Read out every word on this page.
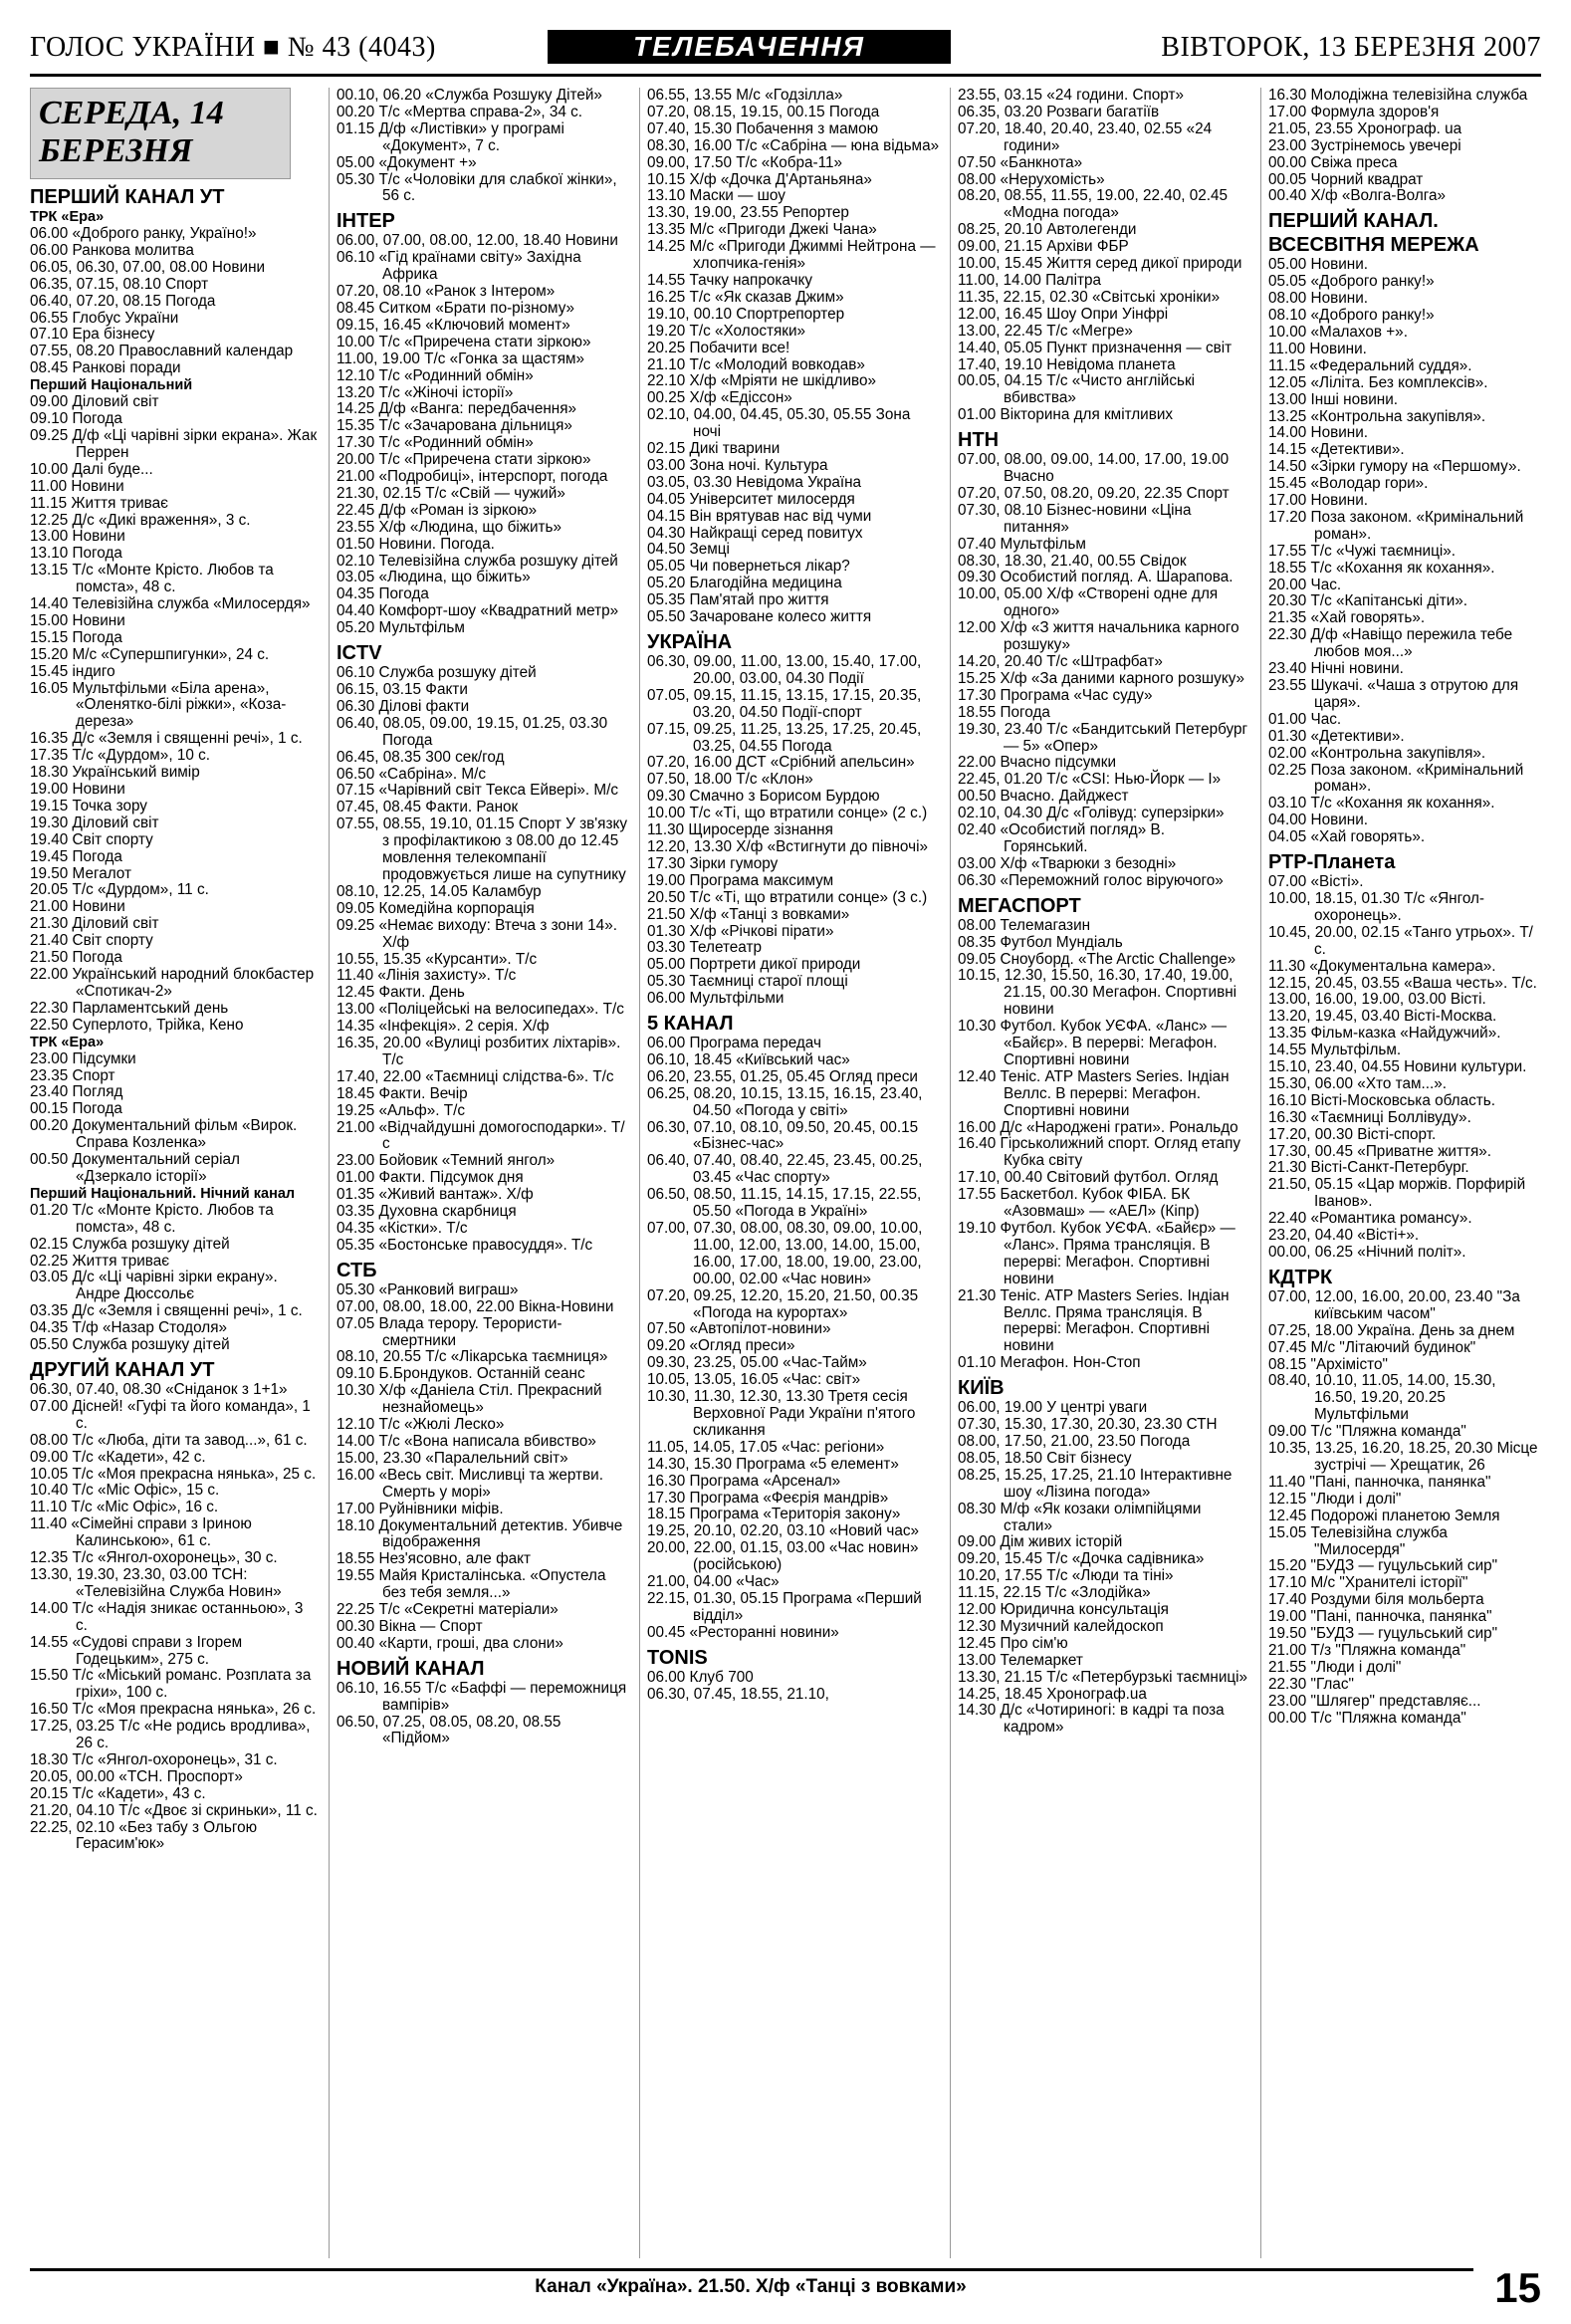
ГОЛОС УКРАЇНИ ■ № 43 (4043)	ТЕЛЕБАЧЕННЯ	ВІВТОРОК, 13 БЕРЕЗНЯ 2007
СЕРЕДА, 14 БЕРЕЗНЯ
ПЕРШИЙ КАНАЛ УТ
ТРК «Ера»
06.00 «Доброго ранку, Україно!»
06.00 Ранкова молитва
06.05, 06.30, 07.00, 08.00 Новини
06.35, 07.15, 08.10 Спорт
06.40, 07.20, 08.15 Погода
06.55 Глобус України
07.10 Ера бізнесу
07.55, 08.20 Православний календар
08.45 Ранкові поради
Перший Національний
09.00 Діловий світ
09.10 Погода
09.25 Д/ф «Ці чарівні зірки екрана». Жак Перрен
10.00 Далі буде...
11.00 Новини
11.15 Життя триває
12.25 Д/с «Дикі враження», 3 с.
13.00 Новини
13.10 Погода
13.15 Т/с «Монте Крісто. Любов та помста», 48 с.
14.40 Телевізійна служба «Милосердя»
15.00 Новини
15.15 Погода
15.20 М/с «Супершпигунки», 24 с.
15.45 індиго
16.05 Мультфільми «Біла арена», «Оленятко-білі ріжки», «Коза-дереза»
16.35 Д/с «Земля і священні речі», 1 с.
17.35 Т/с «Дурдом», 10 с.
18.30 Український вимір
19.00 Новини
19.15 Точка зору
19.30 Діловий світ
19.40 Світ спорту
19.45 Погода
19.50 Мегалот
20.05 Т/с «Дурдом», 11 с.
21.00 Новини
21.30 Діловий світ
21.40 Світ спорту
21.50 Погода
22.00 Український народний блокбастер «Спотикач-2»
22.30 Парламентський день
22.50 Суперлото, Трійка, Кено
ТРК «Ера»
23.00 Підсумки
23.35 Спорт
23.40 Погляд
00.15 Погода
00.20 Документальний фільм «Вирок. Справа Козленка»
00.50 Документальний серіал «Дзеркало історії»
Перший Національний. Нічний канал
01.20 Т/с «Монте Крісто. Любов та помста», 48 с.
02.15 Служба розшуку дітей
02.25 Життя триває
03.05 Д/с «Ці чарівні зірки екрану». Андре Дюссольє
03.35 Д/с «Земля і священні речі», 1 с.
04.35 Т/ф «Назар Стодоля»
05.50 Служба розшуку дітей
ДРУГИЙ КАНАЛ УТ
06.30, 07.40, 08.30 «Сніданок з 1+1»
07.00 Дісней! «Гуфі та його команда», 1 с.
08.00 Т/с «Люба, діти та завод...», 61 с.
09.00 Т/с «Кадети», 42 с.
10.05 Т/с «Моя прекрасна нянька», 25 с.
10.40 Т/с «Міс Офіс», 15 с.
11.10 Т/с «Міс Офіс», 16 с.
11.40 «Сімейні справи з Іриною Калинською», 61 с.
12.35 Т/с «Янгол-охоронець», 30 с.
13.30, 19.30, 23.30, 03.00 ТСН: «Телевізійна Служба Новин»
14.00 Т/с «Надія зникає останньою», 3 с.
14.55 «Судові справи з Ігорем Годецьким», 275 с.
15.50 Т/с «Міський романс. Розплата за гріхи», 100 с.
16.50 Т/с «Моя прекрасна нянька», 26 с.
17.25, 03.25 Т/с «Не родись вродлива», 26 с.
18.30 Т/с «Янгол-охоронець», 31 с.
20.05, 00.00 «ТСН. Проспорт»
20.15 Т/с «Кадети», 43 с.
21.20, 04.10 Т/с «Двоє зі скриньки», 11 с.
22.25, 02.10 «Без табу з Ольгою Герасим'юк»
00.10, 06.20 «Служба Розшуку Дітей»
00.20 Т/с «Мертва справа-2», 34 с.
01.15 Д/ф «Листівки» у програмі «Документ», 7 с.
05.00 «Документ +»
05.30 Т/с «Чоловіки для слабкої жінки», 56 с.
ІНТЕР
06.00, 07.00, 08.00, 12.00, 18.40 Новини
06.10 «Гід країнами світу» Західна Африка
07.20, 08.10 «Ранок з Інтером»
08.45 Ситком «Брати по-різному»
09.15, 16.45 «Ключовий момент»
10.00 Т/с «Приречена стати зіркою»
11.00, 19.00 Т/с «Гонка за щастям»
12.10 Т/с «Родинний обмін»
13.20 Т/с «Жіночі історії»
14.25 Д/ф «Ванга: передбачення»
15.35 Т/с «Зачарована дільниця»
17.30 Т/с «Родинний обмін»
20.00 Т/с «Приречена стати зіркою»
21.00 «Подробиці», інтерспорт, погода
21.30, 02.15 Т/с «Свій — чужий»
22.45 Д/ф «Роман із зіркою»
23.55 Х/ф «Людина, що біжить»
01.50 Новини. Погода.
02.10 Телевізійна служба розшуку дітей
03.05 «Людина, що біжить»
04.35 Погода
04.40 Комфорт-шоу «Квадратний метр»
05.20 Мультфільм
ICTV
06.10 Служба розшуку дітей
06.15, 03.15 Факти
06.30 Ділові факти
06.40, 08.05, 09.00, 19.15, 01.25, 03.30 Погода
06.45, 08.35 300 сек/год
06.50 «Сабріна». М/с
07.15 «Чарівний світ Текса Ейвері». М/с
07.45, 08.45 Факти. Ранок
07.55, 08.55, 19.10, 01.15 Спорт У зв'язку з профілактикою з 08.00 до 12.45 мовлення телекомпанії продовжується лише на супутнику
08.10, 12.25, 14.05 Каламбур
09.05 Комедійна корпорація
09.25 «Немає виходу: Втеча з зони 14». Х/ф
10.55, 15.35 «Курсанти». Т/с
11.40 «Лінія захисту». Т/с
12.45 Факти. День
13.00 «Поліцейські на велосипедах». Т/с
14.35 «Інфекція». 2 серія. Х/ф
16.35, 20.00 «Вулиці розбитих ліхтарів». Т/с
17.40, 22.00 «Таємниці слідства-6». Т/с
18.45 Факти. Вечір
19.25 «Альф». Т/с
21.00 «Відчайдушні домогосподарки». Т/с
23.00 Бойовик «Темний янгол»
01.00 Факти. Підсумок дня
01.35 «Живий вантаж». Х/ф
03.35 Духовна скарбниця
04.35 «Кістки». Т/с
05.35 «Бостонське правосуддя». Т/с
СТБ
05.30 «Ранковий виграш»
07.00, 08.00, 18.00, 22.00 Вікна-Новини
07.05 Влада терору. Терористи-смертники
08.10, 20.55 Т/с «Лікарська таємниця»
09.10 Б.Брондуков. Останній сеанс
10.30 Х/ф «Даніела Стіл. Прекрасний незнайомець»
12.10 Т/с «Жюлі Леско»
14.00 Т/с «Вона написала вбивство»
15.00, 23.30 «Паралельний світ»
16.00 «Весь світ. Мисливці та жертви. Смерть у морі»
17.00 Руйнівники міфів.
18.10 Документальний детектив. Убивче відображення
18.55 Нез'ясовно, але факт
19.55 Майя Кристалінська. «Опустела без тебя земля...»
22.25 Т/с «Секретні матеріали»
00.30 Вікна — Спорт
00.40 «Карти, гроші, два слони»
НОВИЙ КАНАЛ
06.10, 16.55 Т/с «Баффі — переможниця вампірів»
06.50, 07.25, 08.05, 08.20, 08.55 «Підйом»
06.55, 13.55 М/с «Годзілла»
07.20, 08.15, 19.15, 00.15 Погода
07.40, 15.30 Побачення з мамою
08.30, 16.00 Т/с «Сабріна — юна відьма»
09.00, 17.50 Т/с «Кобра-11»
10.15 Х/ф «Дочка Д'Артаньяна»
13.10 Маски — шоу
13.30, 19.00, 23.55 Репортер
13.35 М/с «Пригоди Джекі Чана»
14.25 М/с «Пригоди Джиммі Нейтрона — хлопчика-генія»
14.55 Тачку напрокачку
16.25 Т/с «Як сказав Джим»
19.10, 00.10 Спортрепортер
19.20 Т/с «Холостяки»
20.25 Побачити все!
21.10 Т/с «Молодий вовкодав»
22.10 Х/ф «Мріяти не шкідливо»
00.25 Х/ф «Едіссон»
02.10, 04.00, 04.45, 05.30, 05.55 Зона ночі
02.15 Дикі тварини
03.00 Зона ночі. Культура
03.05, 03.30 Невідома Україна
04.05 Університет милосердя
04.15 Він врятував нас від чуми
04.30 Найкращі серед повитух
04.50 Земці
05.05 Чи повернеться лікар?
05.20 Благодійна медицина
05.35 Пам'ятай про життя
05.50 Зачароване колесо життя
УКРАЇНА
06.30, 09.00, 11.00, 13.00, 15.40, 17.00, 20.00, 03.00, 04.30 Події
07.05, 09.15, 11.15, 13.15, 17.15, 20.35, 03.20, 04.50 Події-спорт
07.15, 09.25, 11.25, 13.25, 17.25, 20.45, 03.25, 04.55 Погода
07.20, 16.00 ДСТ «Срібний апельсин»
07.50, 18.00 Т/с «Клон»
09.30 Смачно з Борисом Бурдою
10.00 Т/с «Ті, що втратили сонце» (2 с.)
11.30 Щиросерде зізнання
12.20, 13.30 Х/ф «Встигнути до півночі»
17.30 Зірки гумору
19.00 Програма максимум
20.50 Т/с «Ті, що втратили сонце» (3 с.)
21.50 Х/ф «Танці з вовками»
01.30 Х/ф «Річкові пірати»
03.30 Телетеатр
05.00 Портрети дикої природи
05.30 Таємниці старої площі
06.00 Мультфільми
5 КАНАЛ
06.00 Програма передач
06.10, 18.45 «Київський час»
06.20, 23.55, 01.25, 05.45 Огляд преси
06.25, 08.20, 10.15, 13.15, 16.15, 23.40, 04.50 «Погода у світі»
06.30, 07.10, 08.10, 09.50, 20.45, 00.15 «Бізнес-час»
06.40, 07.40, 08.40, 22.45, 23.45, 00.25, 03.45 «Час спорту»
06.50, 08.50, 11.15, 14.15, 17.15, 22.55, 05.50 «Погода в Україні»
07.00, 07.30, 08.00, 08.30, 09.00, 10.00, 11.00, 12.00, 13.00, 14.00, 15.00, 16.00, 17.00, 18.00, 19.00, 23.00, 00.00, 02.00 «Час новин»
07.20, 09.25, 12.20, 15.20, 21.50, 00.35 «Погода на курортах»
07.50 «Автопілот-новини»
09.20 «Огляд преси»
09.30, 23.25, 05.00 «Час-Тайм»
10.05, 13.05, 16.05 «Час: світ»
10.30, 11.30, 12.30, 13.30 Третя сесія Верховної Ради України п'ятого скликання
11.05, 14.05, 17.05 «Час: регіони»
14.30, 15.30 Програма «5 елемент»
16.30 Програма «Арсенал»
17.30 Програма «Феєрія мандрів»
18.15 Програма «Територія закону»
19.25, 20.10, 02.20, 03.10 «Новий час»
20.00, 22.00, 01.15, 03.00 «Час новин» (російською)
21.00, 04.00 «Час»
22.15, 01.30, 05.15 Програма «Перший відділ»
00.45 «Ресторанні новини»
TONIS
06.00 Клуб 700
06.30, 07.45, 18.55, 21.10,
23.55, 03.15 «24 години. Спорт»
06.35, 03.20 Розваги багатіїв
07.20, 18.40, 20.40, 23.40, 02.55 «24 години»
07.50 «Банкнота»
08.00 «Нерухомість»
08.20, 08.55, 11.55, 19.00, 22.40, 02.45 «Модна погода»
08.25, 20.10 Автолегенди
09.00, 21.15 Архіви ФБР
10.00, 15.45 Життя серед дикої природи
11.00, 14.00 Палітра
11.35, 22.15, 02.30 «Світські хроніки»
12.00, 16.45 Шоу Опри Уінфрі
13.00, 22.45 Т/с «Мегре»
14.40, 05.05 Пункт призначення — світ
17.40, 19.10 Невідома планета
00.05, 04.15 Т/с «Чисто англійські вбивства»
01.00 Вікторина для кмітливих
НТН
07.00, 08.00, 09.00, 14.00, 17.00, 19.00 Вчасно
07.20, 07.50, 08.20, 09.20, 22.35 Спорт
07.30, 08.10 Бізнес-новини «Ціна питання»
07.40 Мультфільм
08.30, 18.30, 21.40, 00.55 Свідок
09.30 Особистий погляд. А. Шарапова.
10.00, 05.00 Х/ф «Створені одне для одного»
12.00 Х/ф «З життя начальника карного розшуку»
14.20, 20.40 Т/с «Штрафбат»
15.25 Х/ф «За даними карного розшуку»
17.30 Програма «Час суду»
18.55 Погода
19.30, 23.40 Т/с «Бандитський Петербург — 5» «Опер»
22.00 Вчасно підсумки
22.45, 01.20 Т/с «CSI: Нью-Йорк — І»
00.50 Вчасно. Дайджест
02.10, 04.30 Д/с «Голівуд: суперзірки»
02.40 «Особистий погляд» В. Горянський.
03.00 Х/ф «Тварюки з безодні»
06.30 «Переможний голос віруючого»
МЕГАСПОРТ
08.00 Телемагазин
08.35 Футбол Мундіаль
09.05 Сноуборд. «The Arctic Challenge»
10.15, 12.30, 15.50, 16.30, 17.40, 19.00, 21.15, 00.30 Мегафон. Спортивні новини
10.30 Футбол. Кубок УЄФА. «Ланс» — «Байєр». В перерві: Мегафон. Спортивні новини
12.40 Теніс. ATP Masters Series. Індіан Веллс. В перерві: Мегафон. Спортивні новини
16.00 Д/с «Народжені грати». Рональдо
16.40 Гірськолижний спорт. Огляд етапу Кубка світу
17.10, 00.40 Світовий футбол. Огляд
17.55 Баскетбол. Кубок ФІБА. БК «Азовмаш» — «АЕЛ» (Кіпр)
19.10 Футбол. Кубок УЄФА. «Байєр» — «Ланс». Пряма трансляція. В перерві: Мегафон. Спортивні новини
21.30 Теніс. ATP Masters Series. Індіан Веллс. Пряма трансляція. В перерві: Мегафон. Спортивні новини
01.10 Мегафон. Нон-Стоп
КИЇВ
06.00, 19.00 У центрі уваги
07.30, 15.30, 17.30, 20.30, 23.30 СТН
08.00, 17.50, 21.00, 23.50 Погода
08.05, 18.50 Світ бізнесу
08.25, 15.25, 17.25, 21.10 Інтерактивне шоу «Лізина погода»
08.30 М/ф «Як козаки олімпійцями стали»
09.00 Дім живих історій
09.20, 15.45 Т/с «Дочка садівника»
10.20, 17.55 Т/с «Люди та тіні»
11.15, 22.15 Т/с «Злодійка»
12.00 Юридична консультація
12.30 Музичний калейдоскоп
12.45 Про сім'ю
13.00 Телемаркет
13.30, 21.15 Т/с «Петербурзькі таємниці»
14.25, 18.45 Хронограф.ua
14.30 Д/с «Чотириногі: в кадрі та поза кадром»
16.30 Молодіжна телевізійна служба
17.00 Формула здоров'я
21.05, 23.55 Хронограф. ua
23.00 Зустрінемось увечері
00.00 Свіжа преса
00.05 Чорний квадрат
00.40 Х/ф «Волга-Волга»
ПЕРШИЙ КАНАЛ. ВСЕСВІТНЯ МЕРЕЖА
05.00 Новини.
05.05 «Доброго ранку!»
08.00 Новини.
08.10 «Доброго ранку!»
10.00 «Малахов +».
11.00 Новини.
11.15 «Федеральний суддя».
12.05 «Ліліта. Без комплексів».
13.00 Інші новини.
13.25 «Контрольна закупівля».
14.00 Новини.
14.15 «Детективи».
14.50 «Зірки гумору на «Першому».
15.45 «Володар гори».
17.00 Новини.
17.20 Поза законом. «Кримінальний роман».
17.55 Т/с «Чужі таємниці».
18.55 Т/с «Кохання як кохання».
20.00 Час.
20.30 Т/с «Капітанські діти».
21.35 «Хай говорять».
22.30 Д/ф «Навіщо пережила тебе любов моя...»
23.40 Нічні новини.
23.55 Шукачі. «Чаша з отрутою для царя».
01.00 Час.
01.30 «Детективи».
02.00 «Контрольна закупівля».
02.25 Поза законом. «Кримінальний роман».
03.10 Т/с «Кохання як кохання».
04.00 Новини.
04.05 «Хай говорять».
РТР-Планета
07.00 «Вісті».
10.00, 18.15, 01.30 Т/с «Янгол-охоронець».
10.45, 20.00, 02.15 «Танго утрьох». Т/с.
11.30 «Документальна камера».
12.15, 20.45, 03.55 «Ваша честь». Т/с.
13.00, 16.00, 19.00, 03.00 Вісті.
13.20, 19.45, 03.40 Вісті-Москва.
13.35 Фільм-казка «Найдужчий».
14.55 Мультфільм.
15.10, 23.40, 04.55 Новини культури.
15.30, 06.00 «Хто там...».
16.10 Вісті-Московська область.
16.30 «Таємниці Боллівуду».
17.20, 00.30 Вісті-спорт.
17.30, 00.45 «Приватне життя».
21.30 Вісті-Санкт-Петербург.
21.50, 05.15 «Цар моржів. Порфирій Іванов».
22.40 «Романтика романсу».
23.20, 04.40 «Вісті+».
00.00, 06.25 «Нічний політ».
КДТРК
07.00, 12.00, 16.00, 20.00, 23.40 "За київським часом"
07.25, 18.00 Україна. День за днем
07.45 М/с "Літаючий будинок"
08.15 "Архімісто"
08.40, 10.10, 11.05, 14.00, 15.30, 16.50, 19.20, 20.25 Мультфільми
09.00 Т/с "Пляжна команда"
10.35, 13.25, 16.20, 18.25, 20.30 Місце зустрічі — Хрещатик, 26
11.40 "Пані, панночка, панянка"
12.15 "Люди і долі"
12.45 Подорожі планетою Земля
15.05 Телевізійна служба "Милосердя"
15.20 "БУДЗ — гуцульський сир"
17.10 М/с "Хранителі історії"
17.40 Роздуми біля мольберта
19.00 "Пані, панночка, панянка"
19.50 "БУДЗ — гуцульський сир"
21.00 Т/з "Пляжна команда"
21.55 "Люди і долі"
22.30 "Глас"
23.00 "Шлягер" представляє...
00.00 Т/с "Пляжна команда"
Канал «Україна». 21.50. Х/ф «Танці з вовками»	15
